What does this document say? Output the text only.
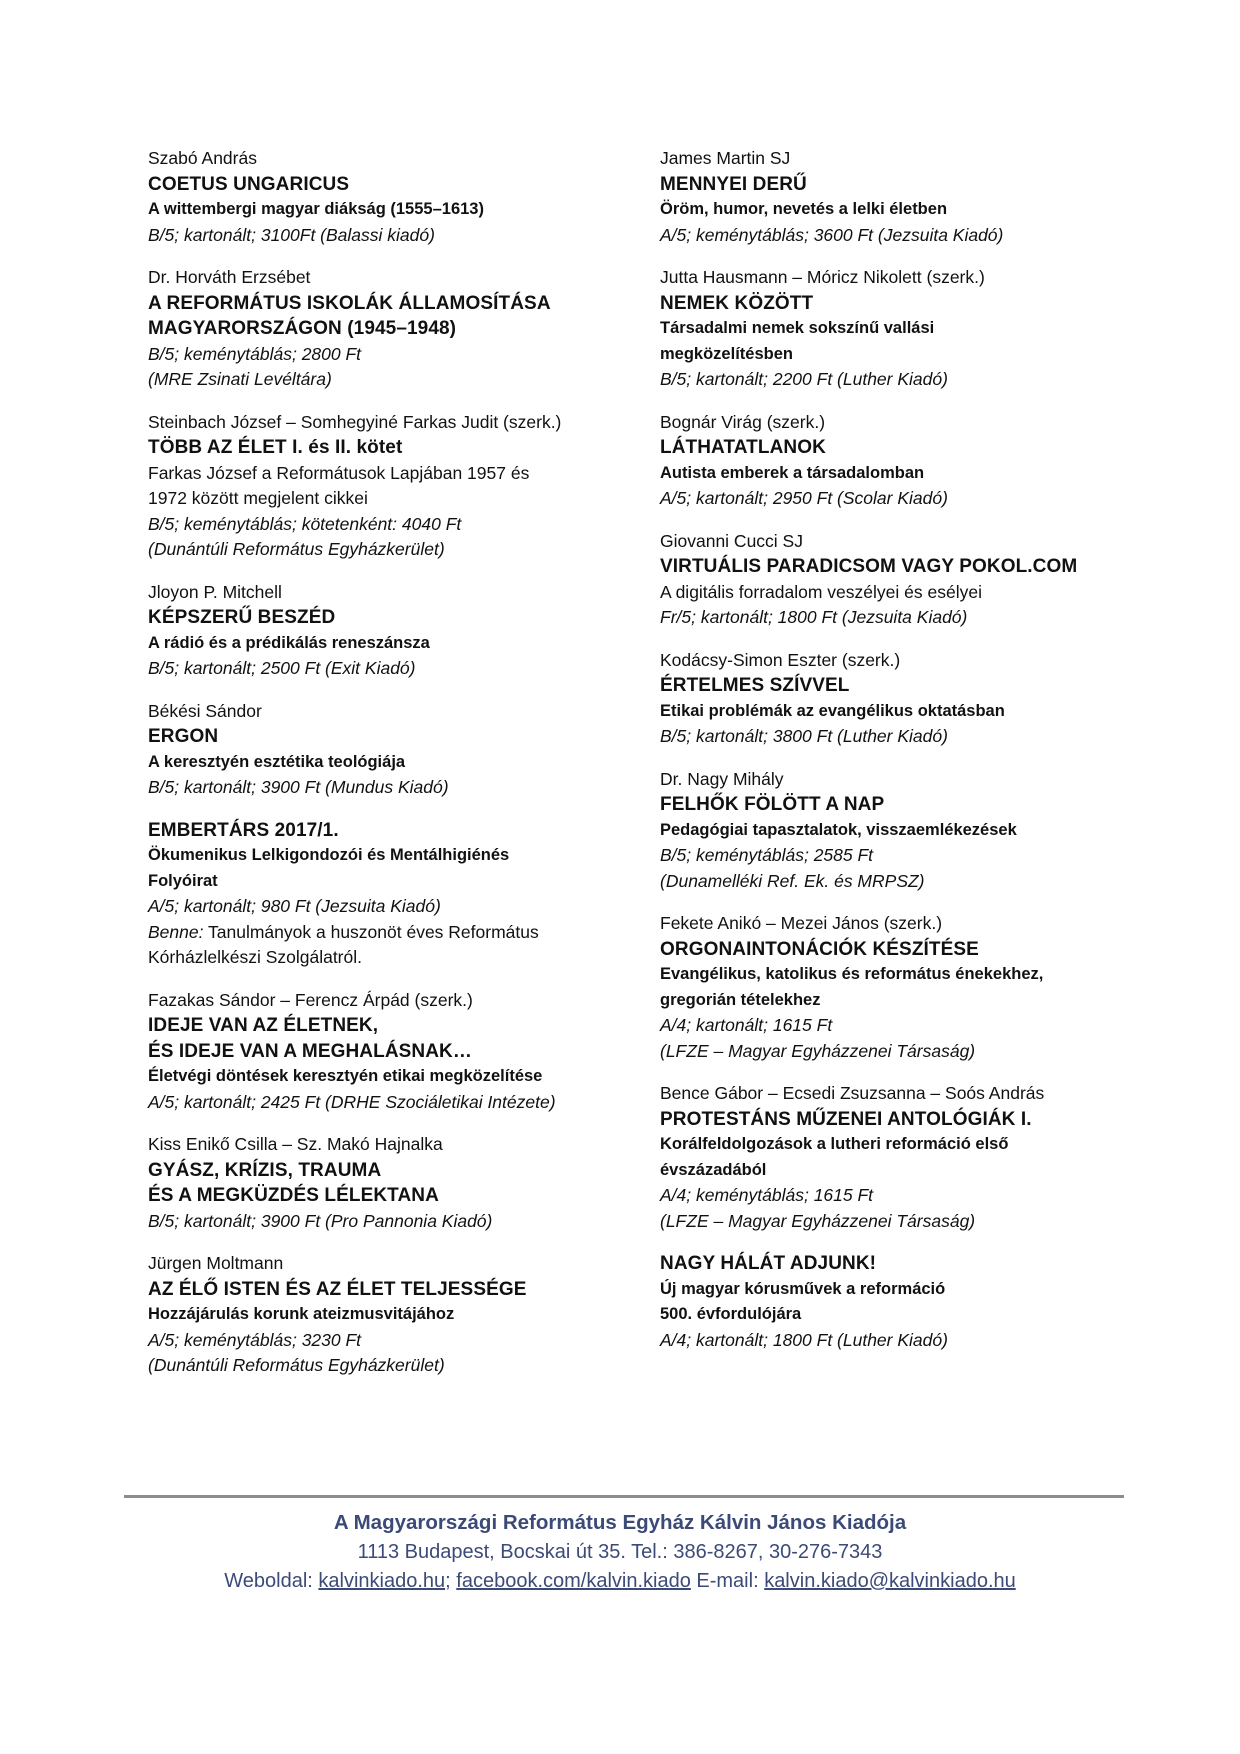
Szabó András
COETUS UNGARICUS
A wittembergi magyar diákság (1555–1613)
B/5; kartonált; 3100Ft (Balassi kiadó)
Dr. Horváth Erzsébet
A REFORMÁTUS ISKOLÁK ÁLLAMOSÍTÁSA
MAGYARORSZÁGON (1945–1948)
B/5; keménytáblás; 2800 Ft
(MRE Zsinati Levéltára)
Steinbach József – Somhegyiné Farkas Judit (szerk.)
TÖBB AZ ÉLET I. és II. kötet
Farkas József a Reformátusok Lapjában 1957 és
1972 között megjelent cikkei
B/5; keménytáblás; kötetenként: 4040 Ft
(Dunántúli Református Egyházkerület)
Jloyon P. Mitchell
KÉPSZERŰ BESZÉD
A rádió és a prédikálás reneszánsza
B/5; kartonált; 2500 Ft (Exit Kiadó)
Békési Sándor
ERGON
A keresztyén esztétika teológiája
B/5; kartonált; 3900 Ft (Mundus Kiadó)
EMBERTÁRS 2017/1.
Ökumenikus Lelkigondozói és Mentálhigiénés
Folyóirat
A/5; kartonált; 980 Ft (Jezsuita Kiadó)
Benne: Tanulmányok a huszonöt éves Református
Kórházlelkészi Szolgálatról.
Fazakas Sándor – Ferencz Árpád (szerk.)
IDEJE VAN AZ ÉLETNEK,
ÉS IDEJE VAN A MEGHALÁSNAK…
Életvégi döntések keresztyén etikai megközelítése
A/5; kartonált; 2425 Ft (DRHE Szociáletikai Intézete)
Kiss Enikő Csilla – Sz. Makó Hajnalka
GYÁSZ, KRÍZIS, TRAUMA
ÉS A MEGKÜZDÉS LÉLEKTANA
B/5; kartonált; 3900 Ft (Pro Pannonia Kiadó)
Jürgen Moltmann
AZ ÉLŐ ISTEN ÉS AZ ÉLET TELJESSÉGE
Hozzájárulás korunk ateizmusvitájához
A/5; keménytáblás; 3230 Ft
(Dunántúli Református Egyházkerület)
James Martin SJ
MENNYEI DERŰ
Öröm, humor, nevetés a lelki életben
A/5; keménytáblás; 3600 Ft (Jezsuita Kiadó)
Jutta Hausmann – Móricz Nikolett (szerk.)
NEMEK KÖZÖTT
Társadalmi nemek sokszínű vallási
megközelítésben
B/5; kartonált; 2200 Ft (Luther Kiadó)
Bognár Virág (szerk.)
LÁTHATATLANOK
Autista emberek a társadalomban
A/5; kartonált; 2950 Ft (Scolar Kiadó)
Giovanni Cucci SJ
VIRTUÁLIS PARADICSOM VAGY POKOL.COM
A digitális forradalom veszélyei és esélyei
Fr/5; kartonált; 1800 Ft (Jezsuita Kiadó)
Kodácsy-Simon Eszter (szerk.)
ÉRTELMES SZÍVVEL
Etikai problémák az evangélikus oktatásban
B/5; kartonált; 3800 Ft (Luther Kiadó)
Dr. Nagy Mihály
FELHŐK FÖLÖTT A NAP
Pedagógiai tapasztalatok, visszaemlékezések
B/5; keménytáblás; 2585 Ft
(Dunamelléki Ref. Ek. és MRPSZ)
Fekete Anikó – Mezei János (szerk.)
ORGONAINTONÁCIÓK KÉSZÍTÉSE
Evangélikus, katolikus és református énekekhez,
gregorián tételekhez
A/4; kartonált; 1615 Ft
(LFZE – Magyar Egyházzenei Társaság)
Bence Gábor – Ecsedi Zsuzsanna – Soós András
PROTESTÁNS MŰZENEI ANTOLÓGIÁK I.
Korálfeldolgozások a lutheri reformáció első
évszázadából
A/4; keménytáblás; 1615 Ft
(LFZE – Magyar Egyházzenei Társaság)
NAGY HÁLÁT ADJUNK!
Új magyar kórusművek a reformáció
500. évfordulójára
A/4; kartonált; 1800 Ft (Luther Kiadó)
A Magyarországi Református Egyház Kálvin János Kiadója
1113 Budapest, Bocskai út 35. Tel.: 386-8267, 30-276-7343
Weboldal: kalvinkiado.hu; facebook.com/kalvin.kiado E-mail: kalvin.kiado@kalvinkiado.hu
